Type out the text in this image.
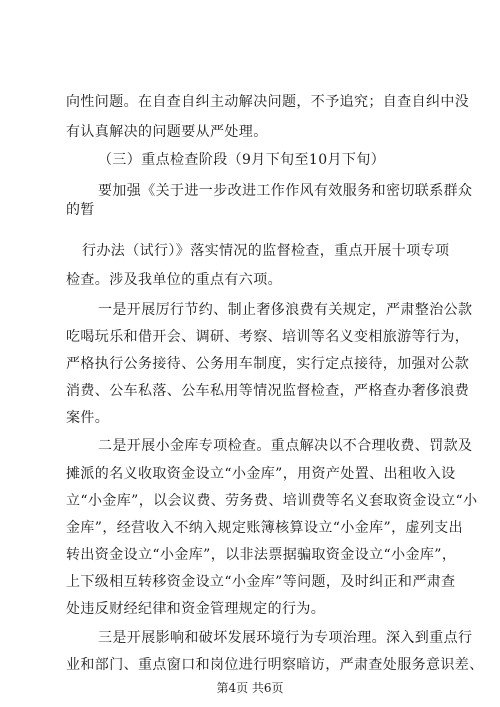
向性问题。在自查自纠主动解决问题，不予追究；自查自纠中没
有认真解决的问题要从严处理。
（三）重点检查阶段（9月下旬至10月下旬）
要加强《关于进一步改进工作作风有效服务和密切联系群众
的暂
行办法（试行）》落实情况的监督检查，重点开展十项专项
检查。涉及我单位的重点有六项。
一是开展厉行节约、制止奢侈浪费有关规定，严肃整治公款
吃喝玩乐和借开会、调研、考察、培训等名义变相旅游等行为，
严格执行公务接待、公务用车制度，实行定点接待，加强对公款
消费、公车私落、公车私用等情况监督检查，严格查办奢侈浪费
案件。
二是开展小金库专项检查。重点解决以不合理收费、罚款及
摊派的名义收取资金设立“小金库”，用资产处置、出租收入设
立“小金库”，以会议费、劳务费、培训费等名义套取资金设立“小
金库”，经营收入不纳入规定账簿核算设立“小金库”，虚列支出
转出资金设立“小金库”，以非法票据骗取资金设立“小金库”，
上下级相互转移资金设立“小金库”等问题，及时纠正和严肃查
处违反财经纪律和资金管理规定的行为。
三是开展影响和破坏发展环境行为专项治理。深入到重点行
业和部门、重点窗口和岗位进行明察暗访，严肃查处服务意识差、
第4页 共6页
